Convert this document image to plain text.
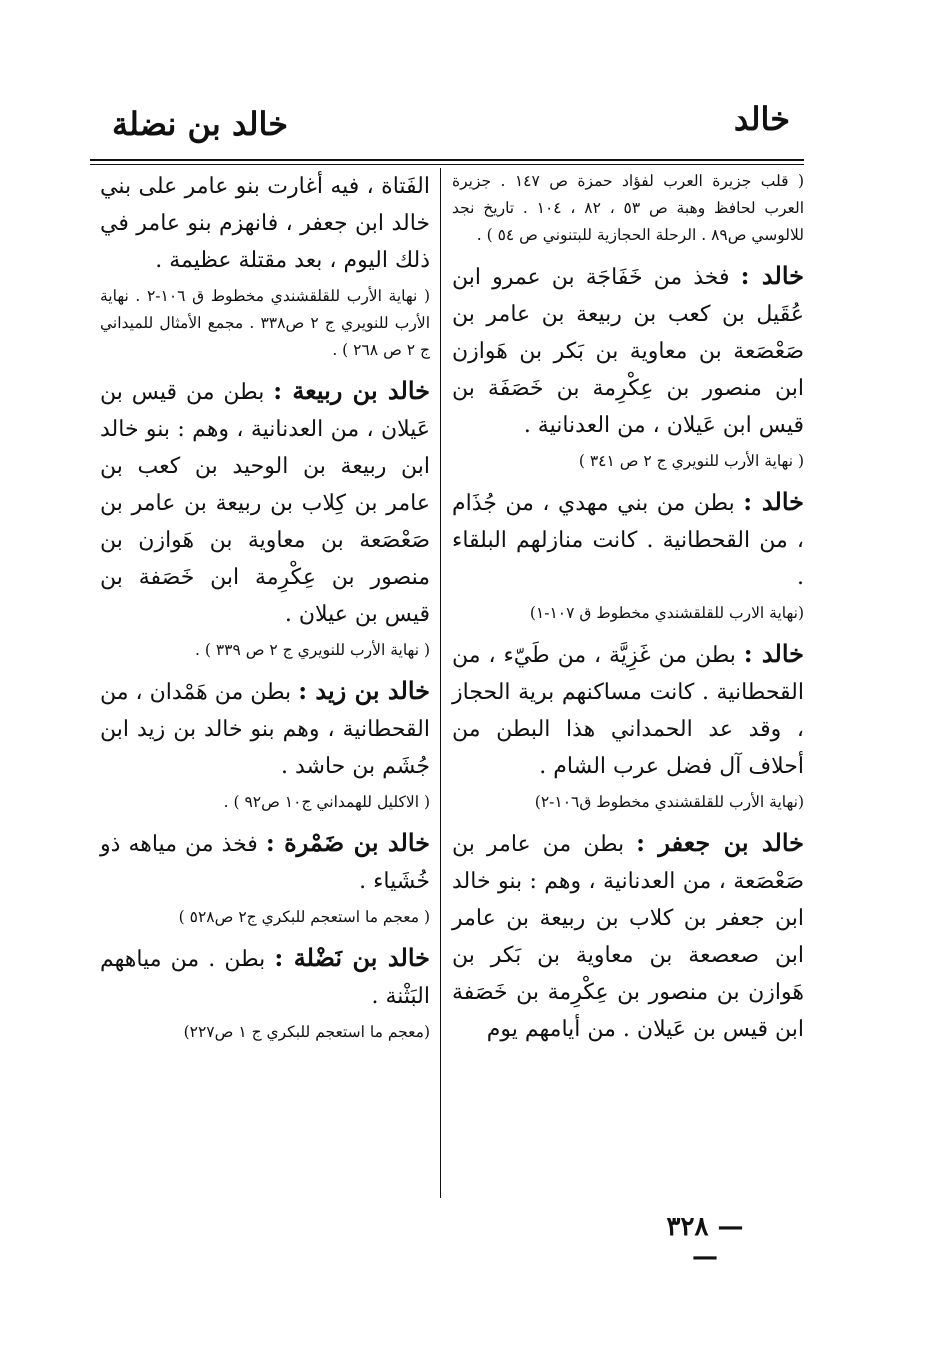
خالد
خالد بن نضلة

( قلب جزيرة العرب لفؤاد حمزة ص ١٤٧ . جزيرة العرب لحافظ وهبة ص ٥٣ ، ٨٢ ، ١٠٤ . تاريخ نجد للالوسي ص٨٩ . الرحلة الحجازية للبتنوني ص ٥٤ ) .

خالد : فخذ من خَفَاجَة بن عمرو ابن عُقَيل بن كعب بن ربيعة بن عامر بن صَعْصَعة بن معاوية بن بَكر بن هَوازن ابن منصور بن عِكْرِمة بن خَصَفَة بن قيس ابن عَيلان ، من العدنانية .

( نهاية الأرب للنويري ج ٢ ص ٣٤١ )

خالد : بطن من بني مهدي ، من جُذَام ، من القحطانية . كانت منازلهم البلقاء .

(نهاية الارب للقلقشندي مخطوط ق ١٠٧-١)

خالد : بطن من غَزِيَّة ، من طَيّء ، من القحطانية . كانت مساكنهم برية الحجاز ، وقد عد الحمداني هذا البطن من أحلاف آل فضل عرب الشام .

(نهاية الأرب للقلقشندي مخطوط ق١٠٦-٢)

خالد بن جعفر : بطن من عامر بن صَعْصَعة ، من العدنانية ، وهم : بنو خالد ابن جعفر بن كلاب بن ربيعة بن عامر ابن صعصعة بن معاوية بن بَكر بن هَوازن بن منصور بن عِكْرِمة بن خَصَفة ابن قيس بن عَيلان . من أيامهم يوم

الفَتاة ، فيه أغارت بنو عامر على بني خالد ابن جعفر ، فانهزم بنو عامر في ذلك اليوم ، بعد مقتلة عظيمة .

( نهاية الأرب للقلقشندي مخطوط ق ١٠٦-٢ . نهاية الأرب للنويري ج ٢ ص٣٣٨ . مجمع الأمثال للميداني ج ٢ ص ٢٦٨ ) .

خالد بن ربيعة : بطن من قيس بن عَيلان ، من العدنانية ، وهم : بنو خالد ابن ربيعة بن الوحيد بن كعب بن عامر بن كِلاب بن ربيعة بن عامر بن صَعْصَعة بن معاوية بن هَوازن بن منصور بن عِكْرِمة ابن خَصَفة بن قيس بن عيلان .

( نهاية الأرب للنويري ج ٢ ص ٣٣٩ ) .

خالد بن زيد : بطن من هَمْدان ، من القحطانية ، وهم بنو خالد بن زيد ابن جُشَم بن حاشد .

( الاكليل للهمداني ج١٠ ص٩٢ ) .

خالد بن ضَمْرة : فخذ من مياهه ذو خُشَياء .

( معجم ما استعجم للبكري ج٢ ص٥٢٨ )

خالد بن نَضْلة : بطن . من مياههم البَثْنة .

(معجم ما استعجم للبكري ج ١ ص٢٢٧)

— ٣٢٨ —
